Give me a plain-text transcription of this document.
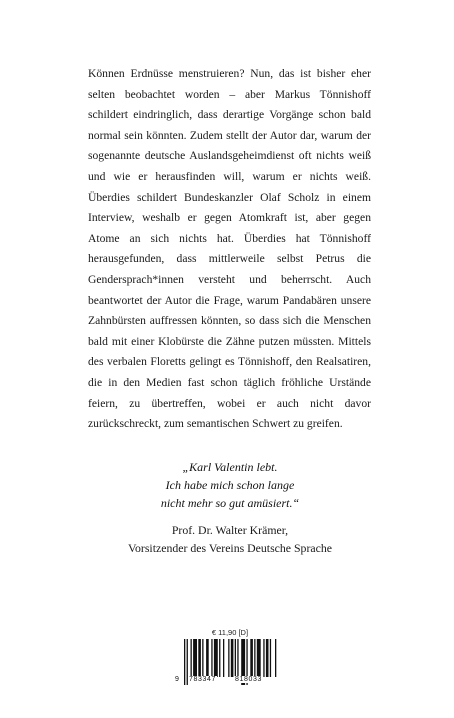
Können Erdnüsse menstruieren? Nun, das ist bisher eher selten beobachtet worden – aber Markus Tönnishoff schildert eindringlich, dass derartige Vorgänge schon bald normal sein könnten. Zudem stellt der Autor dar, warum der sogenannte deutsche Auslandsgeheimdienst oft nichts weiß und wie er herausfinden will, warum er nichts weiß. Überdies schildert Bundeskanzler Olaf Scholz in einem Interview, weshalb er gegen Atomkraft ist, aber gegen Atome an sich nichts hat. Überdies hat Tönnishoff herausgefunden, dass mittlerweile selbst Petrus die Gendersprach*innen versteht und beherrscht. Auch beantwortet der Autor die Frage, warum Pandabären unsere Zahnbürsten auffressen könnten, so dass sich die Menschen bald mit einer Klobürste die Zähne putzen müssten. Mittels des verbalen Floretts gelingt es Tönnishoff, den Realsatiren, die in den Medien fast schon täglich fröhliche Urstände feiern, zu übertreffen, wobei er auch nicht davor zurückschreckt, zum semantischen Schwert zu greifen.

„Karl Valentin lebt.
Ich habe mich schon lange
nicht mehr so gut amüsiert.“
Prof. Dr. Walter Krämer,
Vorsitzender des Vereins Deutsche Sprache
€ 11,90 [D]
9 783347	818033
